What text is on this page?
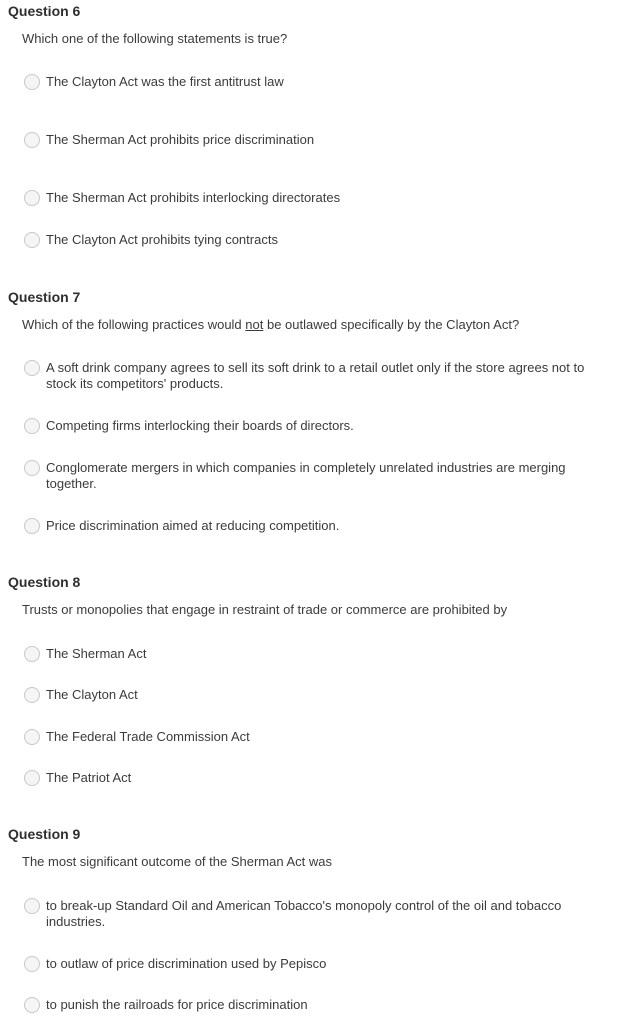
Question 6

Which one of the following statements is true?

The Clayton Act was the first antitrust law
The Sherman Act prohibits price discrimination
The Sherman Act prohibits interlocking directorates
The Clayton Act prohibits tying contracts
Question 7

Which of the following practices would not be outlawed specifically by the Clayton Act?

A soft drink company agrees to sell its soft drink to a retail outlet only if the store agrees not to stock its competitors' products.
Competing firms interlocking their boards of directors.
Conglomerate mergers in which companies in completely unrelated industries are merging together.
Price discrimination aimed at reducing competition.
Question 8

Trusts or monopolies that engage in restraint of trade or commerce are prohibited by

The Sherman Act
The Clayton Act
The Federal Trade Commission Act
The Patriot Act
Question 9

The most significant outcome of the Sherman Act was

to break-up Standard Oil and American Tobacco's monopoly control of the oil and tobacco industries.
to outlaw of price discrimination used by Pepisco
to punish the railroads for price discrimination
